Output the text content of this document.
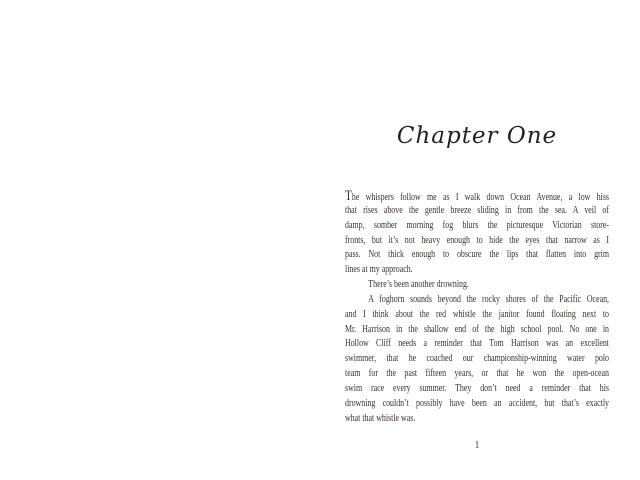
Chapter One
The whispers follow me as I walk down Ocean Avenue, a low hiss
that rises above the gentle breeze sliding in from the sea. A veil of
damp, somber morning fog blurs the picturesque Victorian store-
fronts, but it’s not heavy enough to hide the eyes that narrow as I
pass. Not thick enough to obscure the lips that flatten into grim
lines at my approach.
There’s been another drowning.
A foghorn sounds beyond the rocky shores of the Pacific Ocean,
and I think about the red whistle the janitor found floating next to
Mr. Harrison in the shallow end of the high school pool. No one in
Hollow Cliff needs a reminder that Tom Harrison was an excellent
swimmer, that he coached our championship-winning water polo
team for the past fifteen years, or that he won the open-ocean
swim race every summer. They don’t need a reminder that his
drowning couldn’t possibly have been an accident, but that’s exactly
what that whistle was.
1
